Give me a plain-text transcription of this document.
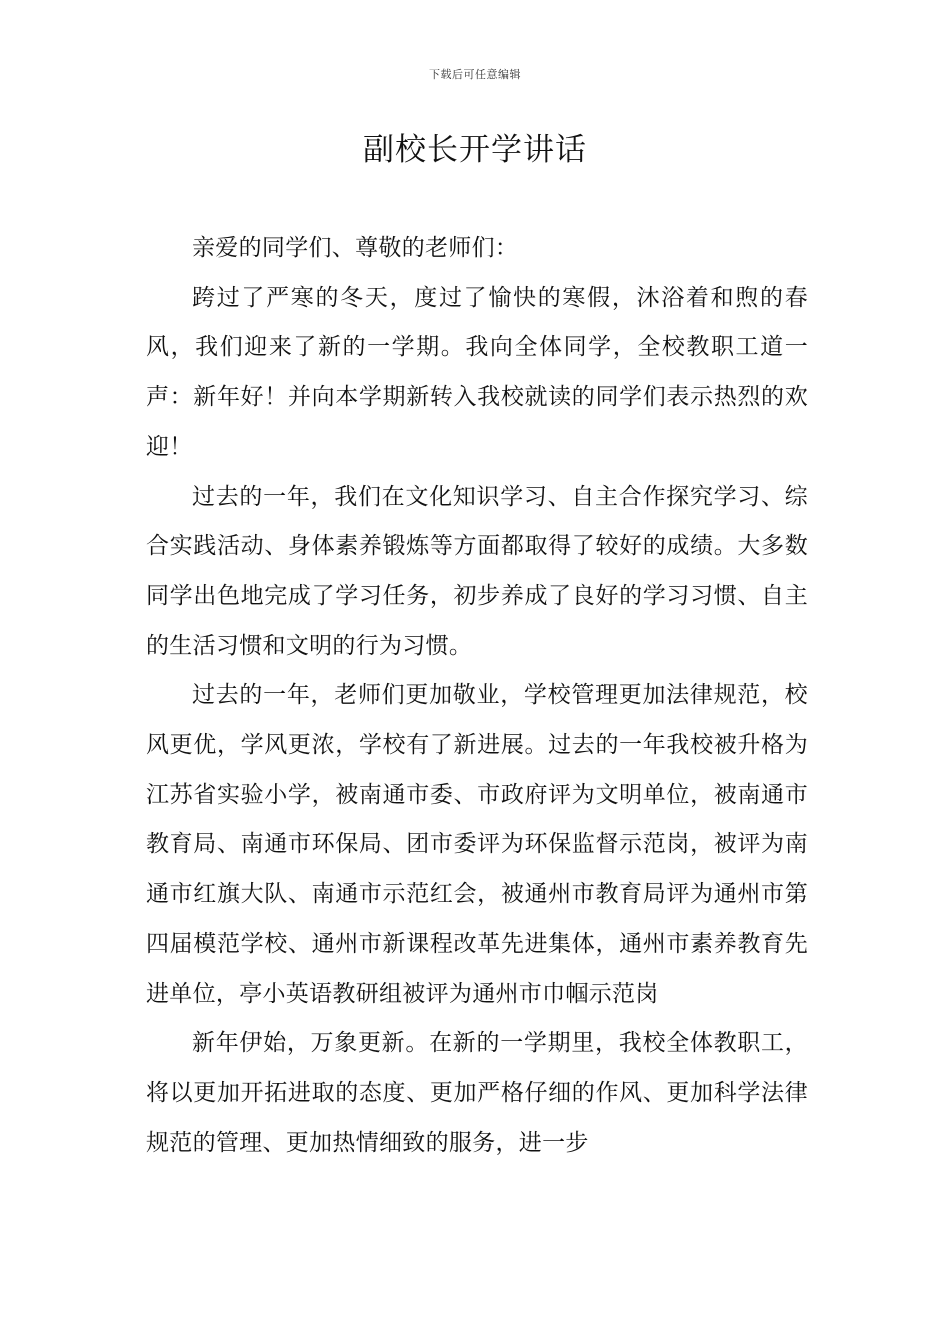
下载后可任意编辑
副校长开学讲话

亲爱的同学们、尊敬的老师们：

跨过了严寒的冬天，度过了愉快的寒假，沐浴着和煦的春风，我们迎来了新的一学期。我向全体同学，全校教职工道一声：新年好！并向本学期新转入我校就读的同学们表示热烈的欢迎！

过去的一年，我们在文化知识学习、自主合作探究学习、综合实践活动、身体素养锻炼等方面都取得了较好的成绩。大多数同学出色地完成了学习任务，初步养成了良好的学习习惯、自主的生活习惯和文明的行为习惯。

过去的一年，老师们更加敬业，学校管理更加法律规范，校风更优，学风更浓，学校有了新进展。过去的一年我校被升格为江苏省实验小学，被南通市委、市政府评为文明单位，被南通市教育局、南通市环保局、团市委评为环保监督示范岗，被评为南通市红旗大队、南通市示范红会，被通州市教育局评为通州市第四届模范学校、通州市新课程改革先进集体，通州市素养教育先进单位，亭小英语教研组被评为通州市巾帼示范岗

新年伊始，万象更新。在新的一学期里，我校全体教职工，将以更加开拓进取的态度、更加严格仔细的作风、更加科学法律规范的管理、更加热情细致的服务，进一步
